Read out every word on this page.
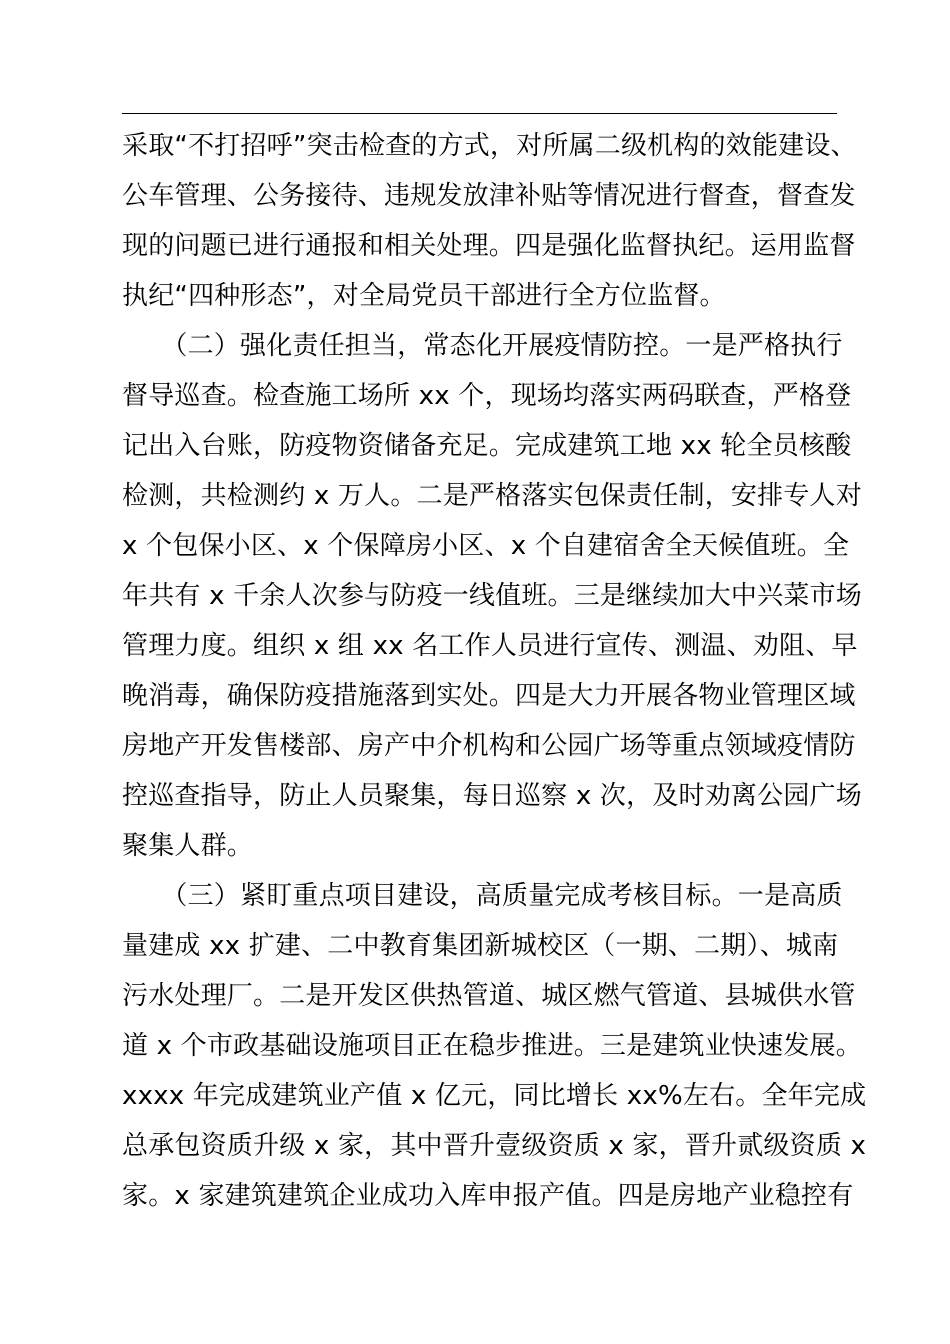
采取“不打招呼”突击检查的方式，对所属二级机构的效能建设、
公车管理、公务接待、违规发放津补贴等情况进行督查，督查发
现的问题已进行通报和相关处理。四是强化监督执纪。运用监督
执纪“四种形态”，对全局党员干部进行全方位监督。
　　（二）强化责任担当，常态化开展疫情防控。一是严格执行
督导巡查。检查施工场所 xx 个，现场均落实两码联查，严格登
记出入台账，防疫物资储备充足。完成建筑工地 xx 轮全员核酸
检测，共检测约 x 万人。二是严格落实包保责任制，安排专人对
x 个包保小区、x 个保障房小区、x 个自建宿舍全天候值班。全
年共有 x 千余人次参与防疫一线值班。三是继续加大中兴菜市场
管理力度。组织 x 组 xx 名工作人员进行宣传、测温、劝阻、早
晚消毒，确保防疫措施落到实处。四是大力开展各物业管理区域
房地产开发售楼部、房产中介机构和公园广场等重点领域疫情防
控巡查指导，防止人员聚集，每日巡察 x 次，及时劝离公园广场
聚集人群。
　　（三）紧盯重点项目建设，高质量完成考核目标。一是高质
量建成 xx 扩建、二中教育集团新城校区（一期、二期）、城南
污水处理厂。二是开发区供热管道、城区燃气管道、县城供水管
道 x 个市政基础设施项目正在稳步推进。三是建筑业快速发展。
xxxx 年完成建筑业产值 x 亿元，同比增长 xx%左右。全年完成
总承包资质升级 x 家，其中晋升壹级资质 x 家，晋升贰级资质 x
家。x 家建筑建筑企业成功入库申报产值。四是房地产业稳控有
